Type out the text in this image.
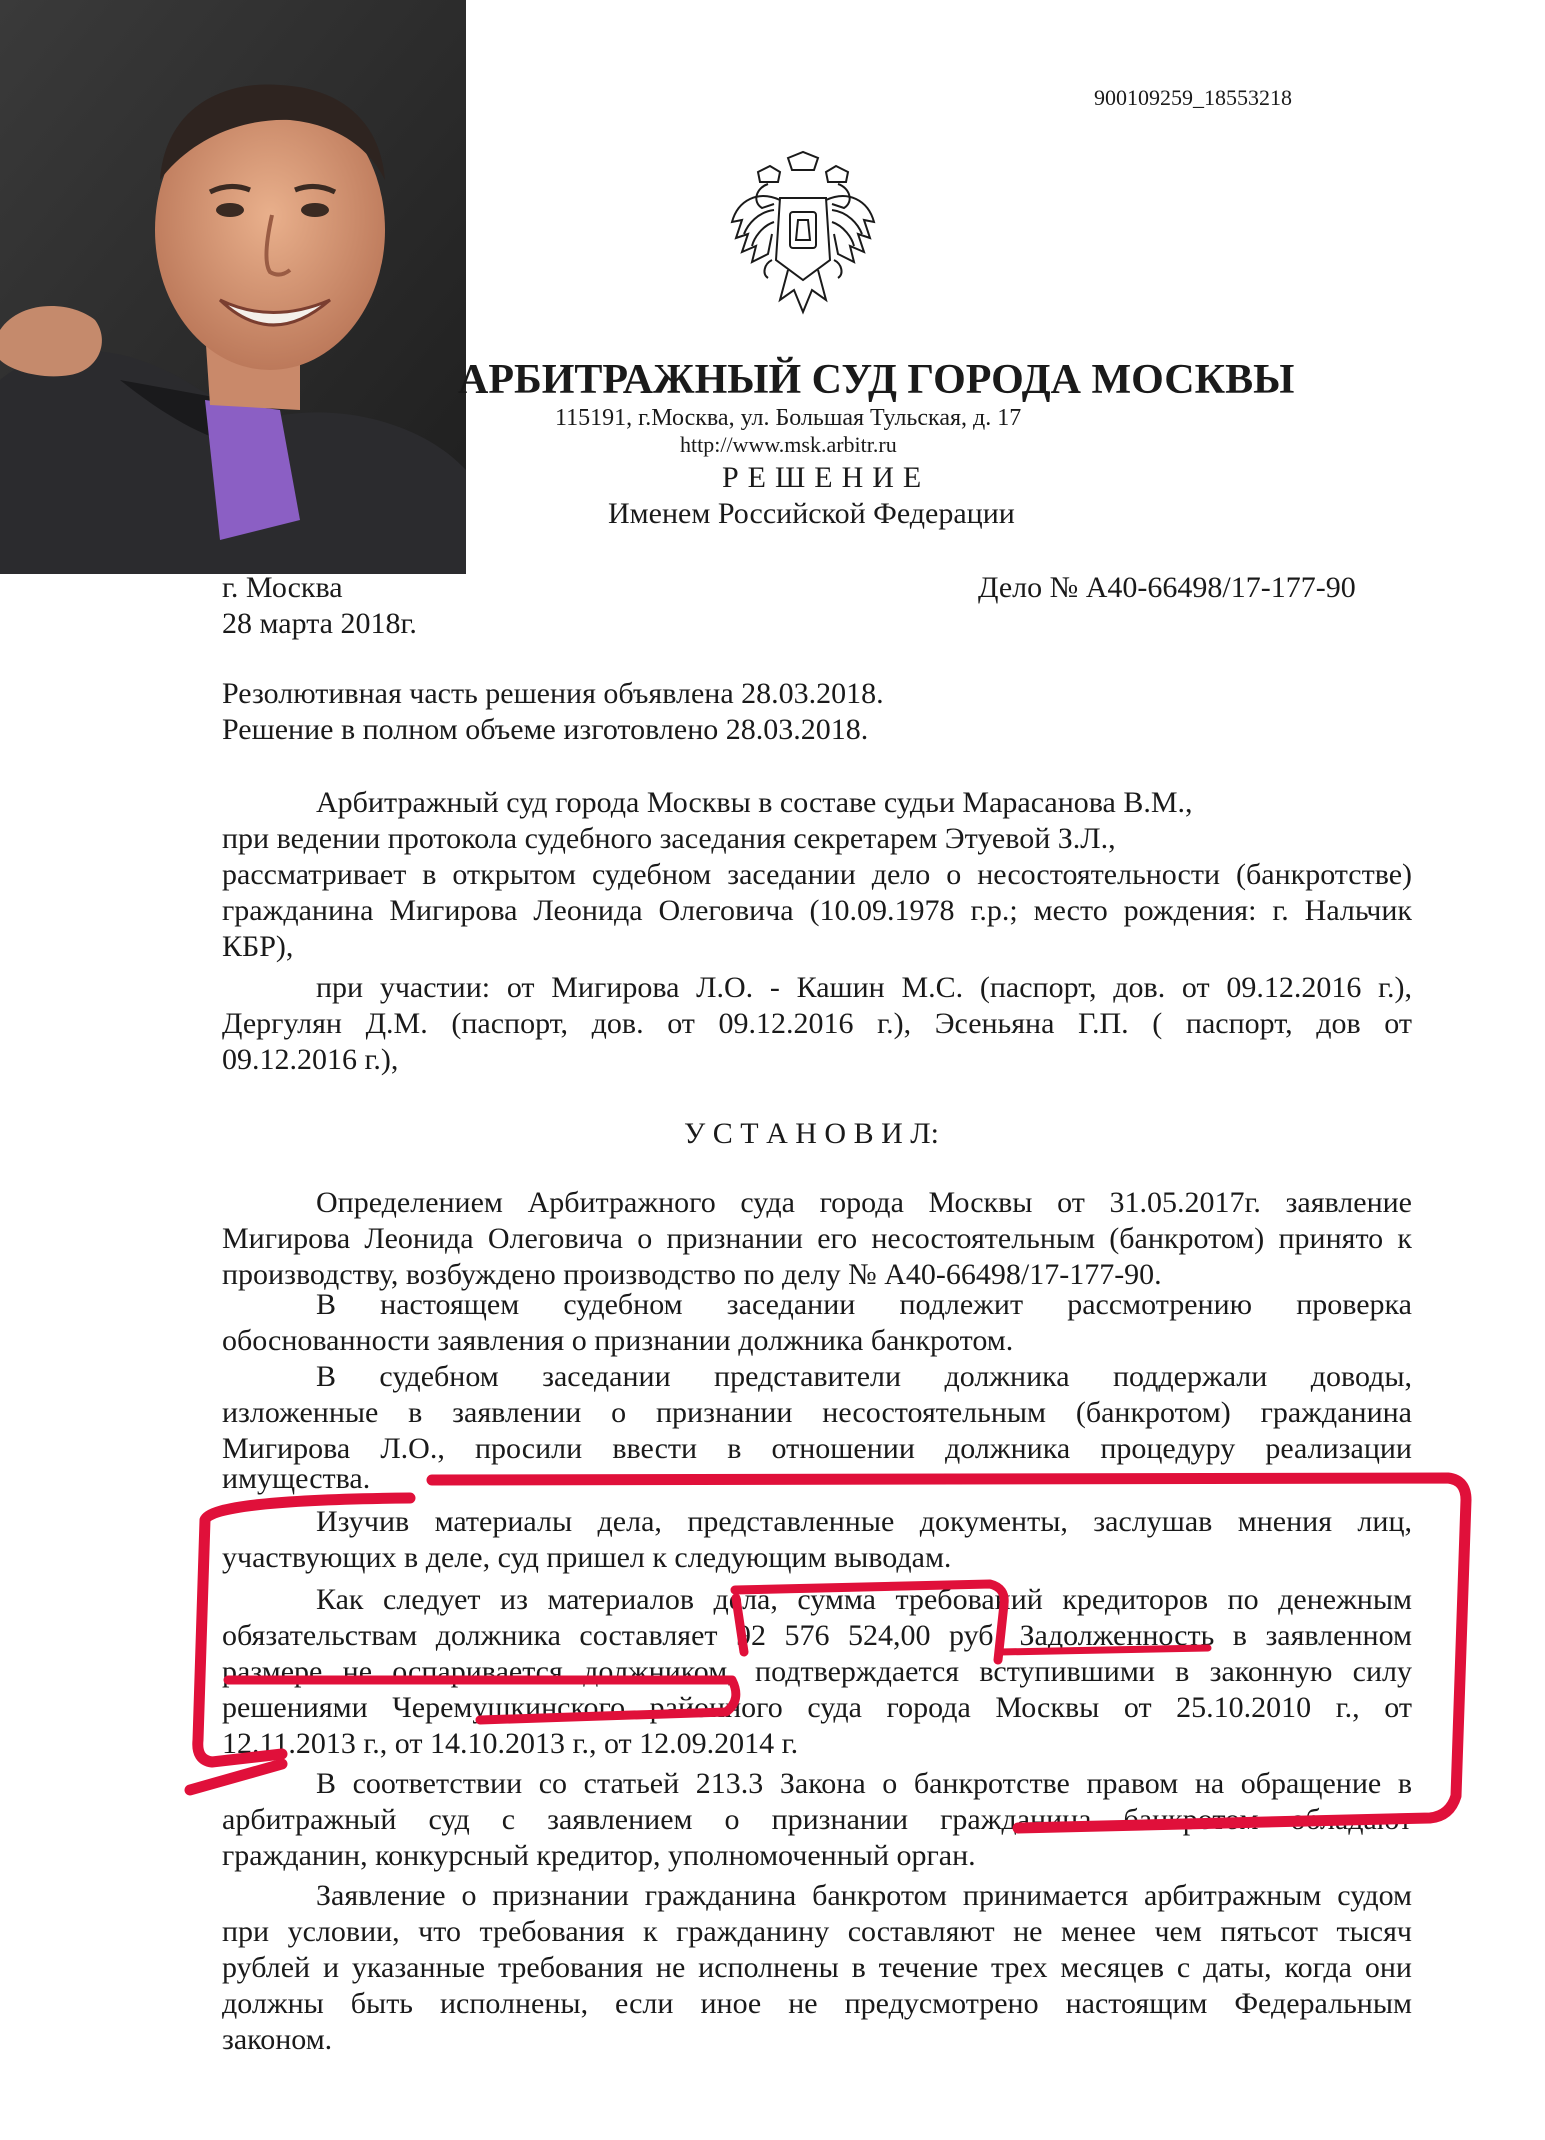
900109259_18553218
АРБИТРАЖНЫЙ СУД ГОРОДА МОСКВЫ
115191, г.Москва, ул. Большая Тульская, д. 17
http://www.msk.arbitr.ru
РЕШЕНИЕ
Именем Российской Федерации
г. Москва	Дело № А40-66498/17-177-90
28 марта 2018г.
Резолютивная часть решения объявлена 28.03.2018.
Решение в полном объеме изготовлено 28.03.2018.
Арбитражный суд города Москвы в составе судьи Марасанова В.М.,
при ведении протокола судебного заседания секретарем Этуевой З.Л.,
рассматривает в открытом судебном заседании дело о несостоятельности (банкротстве)
гражданина Мигирова Леонида Олеговича (10.09.1978 г.р.; место рождения: г. Нальчик
КБР),
при участии: от Мигирова Л.О. - Кашин М.С. (паспорт, дов. от 09.12.2016 г.),
Дергулян Д.М. (паспорт, дов. от 09.12.2016 г.), Эсеньяна Г.П. ( паспорт, дов от
09.12.2016 г.),
У С Т А Н О В И Л:
Определением Арбитражного суда города Москвы от 31.05.2017г. заявление
Мигирова Леонида Олеговича о признании его несостоятельным (банкротом) принято к
производству, возбуждено производство по делу № А40-66498/17-177-90.
В настоящем судебном заседании подлежит рассмотрению проверка
обоснованности заявления о признании должника банкротом.
В судебном заседании представители должника поддержали доводы,
изложенные в заявлении о признании несостоятельным (банкротом) гражданина
Мигирова Л.О., просили ввести в отношении должника процедуру реализации
имущества.
Изучив материалы дела, представленные документы, заслушав мнения лиц,
участвующих в деле, суд пришел к следующим выводам.
Как следует из материалов дела, сумма требований кредиторов по денежным
обязательствам должника составляет 92 576 524,00 руб. Задолженность в заявленном
размере не оспаривается должником, подтверждается вступившими в законную силу
решениями Черемушкинского районного суда города Москвы от 25.10.2010 г., от
12.11.2013 г., от 14.10.2013 г., от 12.09.2014 г.
В соответствии со статьей 213.3 Закона о банкротстве правом на обращение в
арбитражный суд с заявлением о признании гражданина банкротом обладают
гражданин, конкурсный кредитор, уполномоченный орган.
Заявление о признании гражданина банкротом принимается арбитражным судом
при условии, что требования к гражданину составляют не менее чем пятьсот тысяч
рублей и указанные требования не исполнены в течение трех месяцев с даты, когда они
должны быть исполнены, если иное не предусмотрено настоящим Федеральным
законом.
